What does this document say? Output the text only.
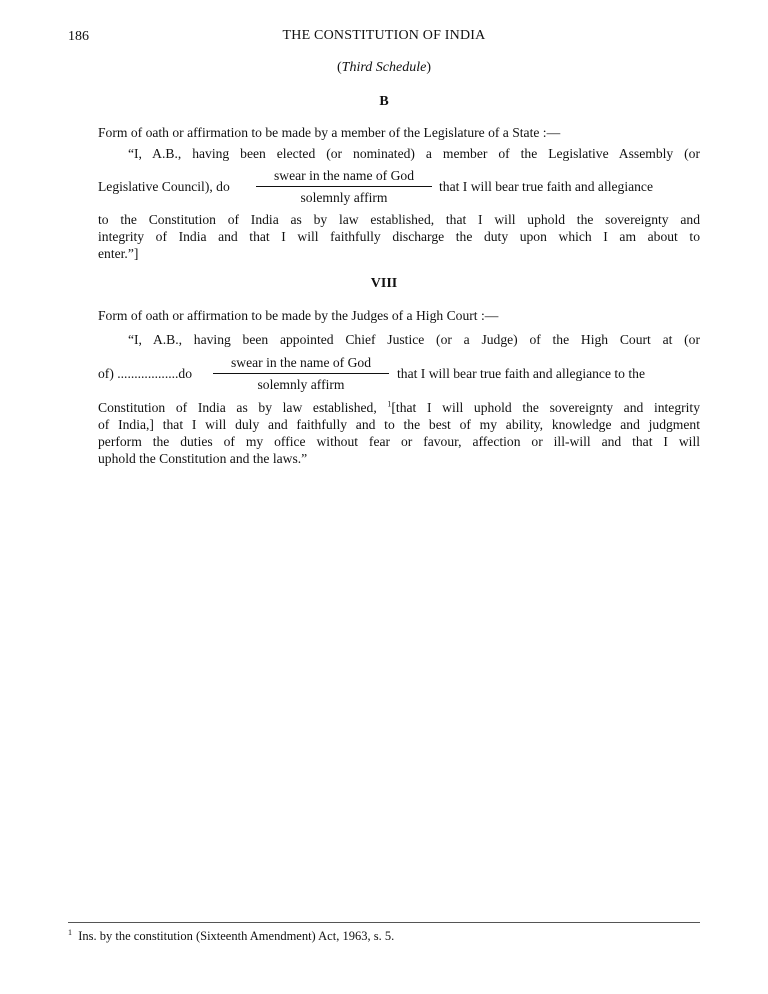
186	THE CONSTITUTION OF INDIA
(Third Schedule)
B
Form of oath or affirmation to be made by a member of the Legislature of a State :—
“I, A.B., having been elected (or nominated) a member of the Legislative Assembly (or
Legislative Council), do
swear in the name of God
solemnly affirm
that I will bear true faith and allegiance
to the Constitution of India as by law established, that I will uphold the sovereignty and
integrity of India and that I will faithfully discharge the duty upon which I am about to
enter.”]
VIII
Form of oath or affirmation to be made by the Judges of a High Court :—
“I, A.B., having been appointed Chief Justice (or a Judge) of the High Court at (or
of) ..................do
swear in the name of God
solemnly affirm
that I will bear true faith and allegiance to the
Constitution of India as by law established, $^1$[that I will uphold the sovereignty and integrity
of India,] that I will duly and faithfully and to the best of my ability, knowledge and judgment
perform the duties of my office without fear or favour, affection or ill-will and that I will
uphold the Constitution and the laws.”
$^1$ Ins. by the constitution (Sixteenth Amendment) Act, 1963, s. 5.
